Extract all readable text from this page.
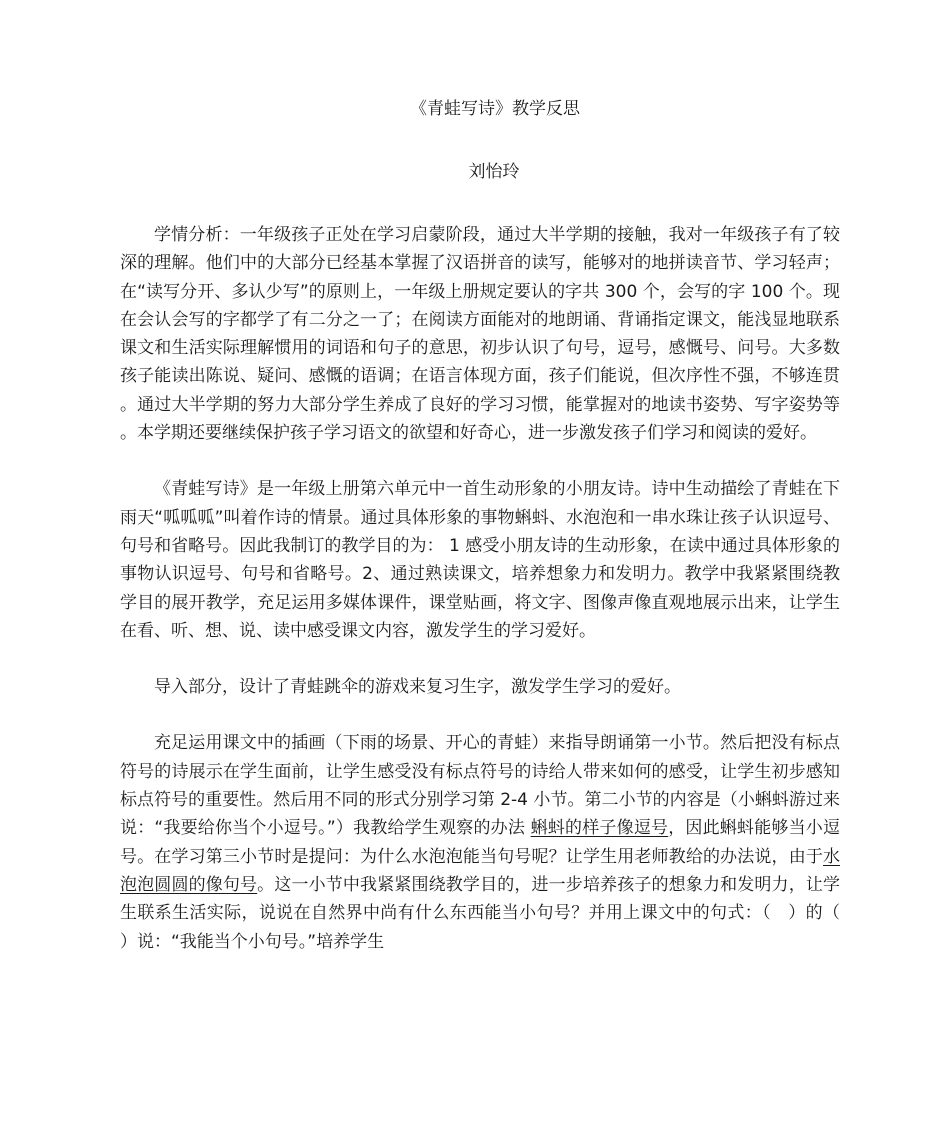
《青蛙写诗》教学反思
刘怡玲

学情分析：一年级孩子正处在学习启蒙阶段，通过大半学期的接触，我对一年级孩子有了较深的理解。他们中的大部分已经基本掌握了汉语拼音的读写，能够对的地拼读音节、学习轻声；在“读写分开、多认少写”的原则上，一年级上册规定要认的字共 300 个，会写的字 100 个。现在会认会写的字都学了有二分之一了；在阅读方面能对的地朗诵、背诵指定课文，能浅显地联系课文和生活实际理解惯用的词语和句子的意思，初步认识了句号，逗号，感慨号、问号。大多数孩子能读出陈说、疑问、感慨的语调；在语言体现方面，孩子们能说，但次序性不强，不够连贯。通过大半学期的努力大部分学生养成了良好的学习习惯，能掌握对的地读书姿势、写字姿势等。本学期还要继续保护孩子学习语文的欲望和好奇心，进一步激发孩子们学习和阅读的爱好。

《青蛙写诗》是一年级上册第六单元中一首生动形象的小朋友诗。诗中生动描绘了青蛙在下雨天“呱呱呱”叫着作诗的情景。通过具体形象的事物蝌蚪、水泡泡和一串水珠让孩子认识逗号、句号和省略号。因此我制订的教学目的为： 1 感受小朋友诗的生动形象，在读中通过具体形象的事物认识逗号、句号和省略号。2、通过熟读课文，培养想象力和发明力。教学中我紧紧围绕教学目的展开教学，充足运用多媒体课件，课堂贴画，将文字、图像声像直观地展示出来，让学生在看、听、想、说、读中感受课文内容，激发学生的学习爱好。

导入部分，设计了青蛙跳伞的游戏来复习生字，激发学生学习的爱好。

充足运用课文中的插画（下雨的场景、开心的青蛙）来指导朗诵第一小节。然后把没有标点符号的诗展示在学生面前，让学生感受没有标点符号的诗给人带来如何的感受，让学生初步感知标点符号的重要性。然后用不同的形式分别学习第 2-4 小节。第二小节的内容是（小蝌蚪游过来说：“我要给你当个小逗号。”）我教给学生观察的办法 蝌蚪的样子像逗号，因此蝌蚪能够当小逗号。在学习第三小节时是提问：为什么水泡泡能当句号呢？让学生用老师教给的办法说，由于水泡泡圆圆的像句号。这一小节中我紧紧围绕教学目的，进一步培养孩子的想象力和发明力，让学生联系生活实际，说说在自然界中尚有什么东西能当小句号？并用上课文中的句式：（　）的（　）说：“我能当个小句号。”培养学生
